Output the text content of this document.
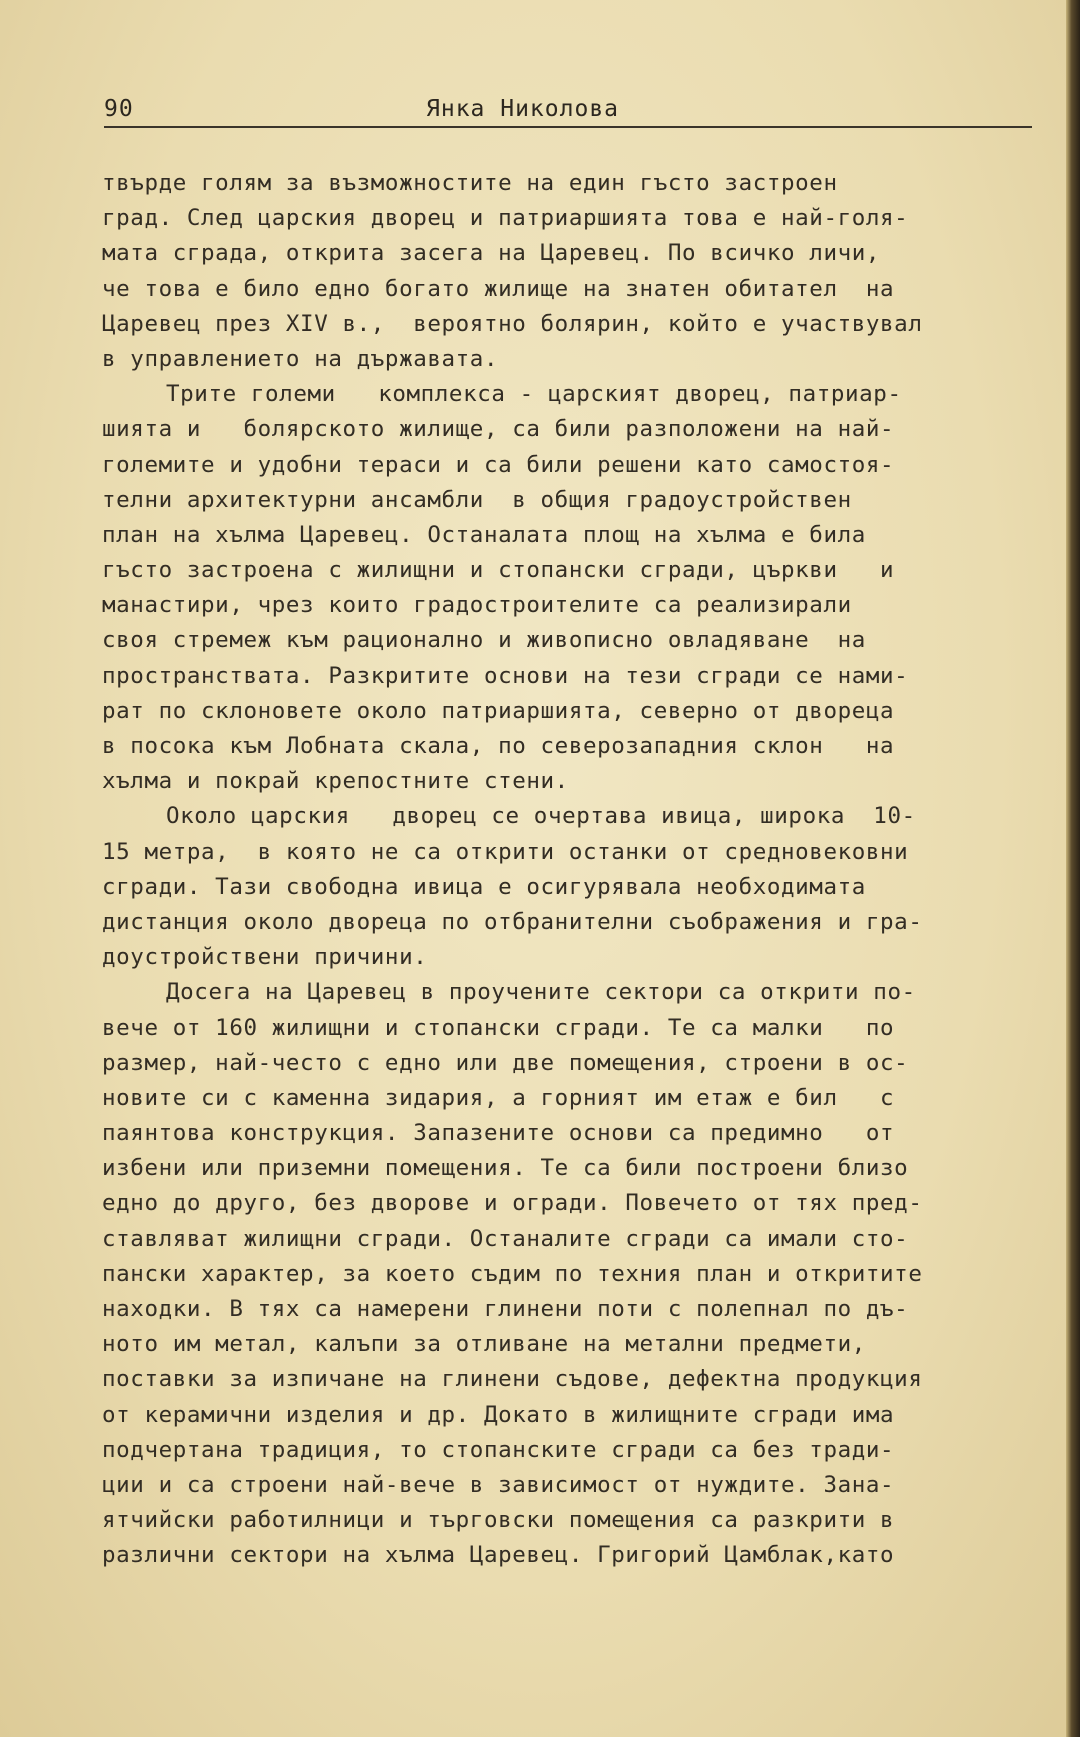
90	Янка Николова
твърде голям за възможностите на един гъсто застроен
град. След царския дворец и патриаршията това е най-голя-
мата сграда, открита засега на Царевец. По всичко личи,
че това е било едно богато жилище на знатен обитател  на
Царевец през XIV в.,  вероятно болярин, който е участвувал
в управлението на държавата.
Трите големи   комплекса - царският дворец, патриар-
шията и   болярското жилище, са били разположени на най-
големите и удобни тераси и са били решени като самостоя-
телни архитектурни ансамбли  в общия градоустройствен
план на хълма Царевец. Останалата площ на хълма е била
гъсто застроена с жилищни и стопански сгради, църкви   и
манастири, чрез които градостроителите са реализирали
своя стремеж към рационално и живописно овладяване  на
пространствата. Разкритите основи на тези сгради се нами-
рат по склоновете около патриаршията, северно от двореца
в посока към Лобната скала, по северозападния склон   на
хълма и покрай крепостните стени.
Около царския   дворец се очертава ивица, широка  10-
15 метра,  в която не са открити останки от средновековни
сгради. Тази свободна ивица е осигурявала необходимата
дистанция около двореца по отбранителни съображения и гра-
доустройствени причини.
Досега на Царевец в проучените сектори са открити по-
вече от 160 жилищни и стопански сгради. Те са малки   по
размер, най-често с едно или две помещения, строени в ос-
новите си с каменна зидария, а горният им етаж е бил   с
паянтова конструкция. Запазените основи са предимно   от
избени или приземни помещения. Те са били построени близо
едно до друго, без дворове и огради. Повечето от тях пред-
ставляват жилищни сгради. Останалите сгради са имали сто-
пански характер, за което съдим по техния план и откритите
находки. В тях са намерени глинени поти с полепнал по дъ-
ното им метал, калъпи за отливане на метални предмети,
поставки за изпичане на глинени съдове, дефектна продукция
от керамични изделия и др. Докато в жилищните сгради има
подчертана традиция, то стопанските сгради са без тради-
ции и са строени най-вече в зависимост от нуждите. Зана-
ятчийски работилници и търговски помещения са разкрити в
различни сектори на хълма Царевец. Григорий Цамблак,като
